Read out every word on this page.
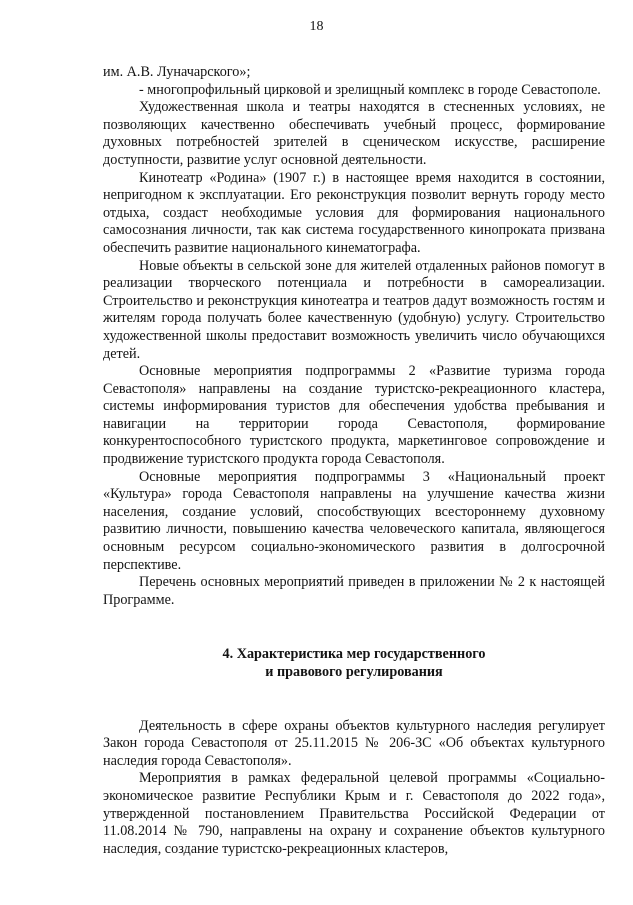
18

им. А.В. Луначарского»;

- многопрофильный цирковой и зрелищный комплекс в городе Севастополе.

Художественная школа и театры находятся в стесненных условиях, не позволяющих качественно обеспечивать учебный процесс, формирование духовных потребностей зрителей в сценическом искусстве, расширение доступности, развитие услуг основной деятельности.

Кинотеатр «Родина» (1907 г.) в настоящее время находится в состоянии, непригодном к эксплуатации. Его реконструкция позволит вернуть городу место отдыха, создаст необходимые условия для формирования национального самосознания личности, так как система государственного кинопроката призвана обеспечить развитие национального кинематографа.

Новые объекты в сельской зоне для жителей отдаленных районов помогут в реализации творческого потенциала и потребности в самореализации. Строительство и реконструкция кинотеатра и театров дадут возможность гостям и жителям города получать более качественную (удобную) услугу. Строительство художественной школы предоставит возможность увеличить число обучающихся детей.

Основные мероприятия подпрограммы 2 «Развитие туризма города Севастополя» направлены на создание туристско-рекреационного кластера, системы информирования туристов для обеспечения удобства пребывания и навигации на территории города Севастополя, формирование конкурентоспособного туристского продукта, маркетинговое сопровождение и продвижение туристского продукта города Севастополя.

Основные мероприятия подпрограммы 3 «Национальный проект «Культура» города Севастополя направлены на улучшение качества жизни населения, создание условий, способствующих всестороннему духовному развитию личности, повышению качества человеческого капитала, являющегося основным ресурсом социально-экономического развития в долгосрочной перспективе.

Перечень основных мероприятий приведен в приложении № 2 к настоящей Программе.

4. Характеристика мер государственного

и правового регулирования

Деятельность в сфере охраны объектов культурного наследия регулирует Закон города Севастополя от 25.11.2015 № 206-ЗС «Об объектах культурного наследия города Севастополя».

Мероприятия в рамках федеральной целевой программы «Социально-экономическое развитие Республики Крым и г. Севастополя до 2022 года», утвержденной постановлением Правительства Российской Федерации от 11.08.2014 № 790, направлены на охрану и сохранение объектов культурного наследия, создание туристско-рекреационных кластеров,
